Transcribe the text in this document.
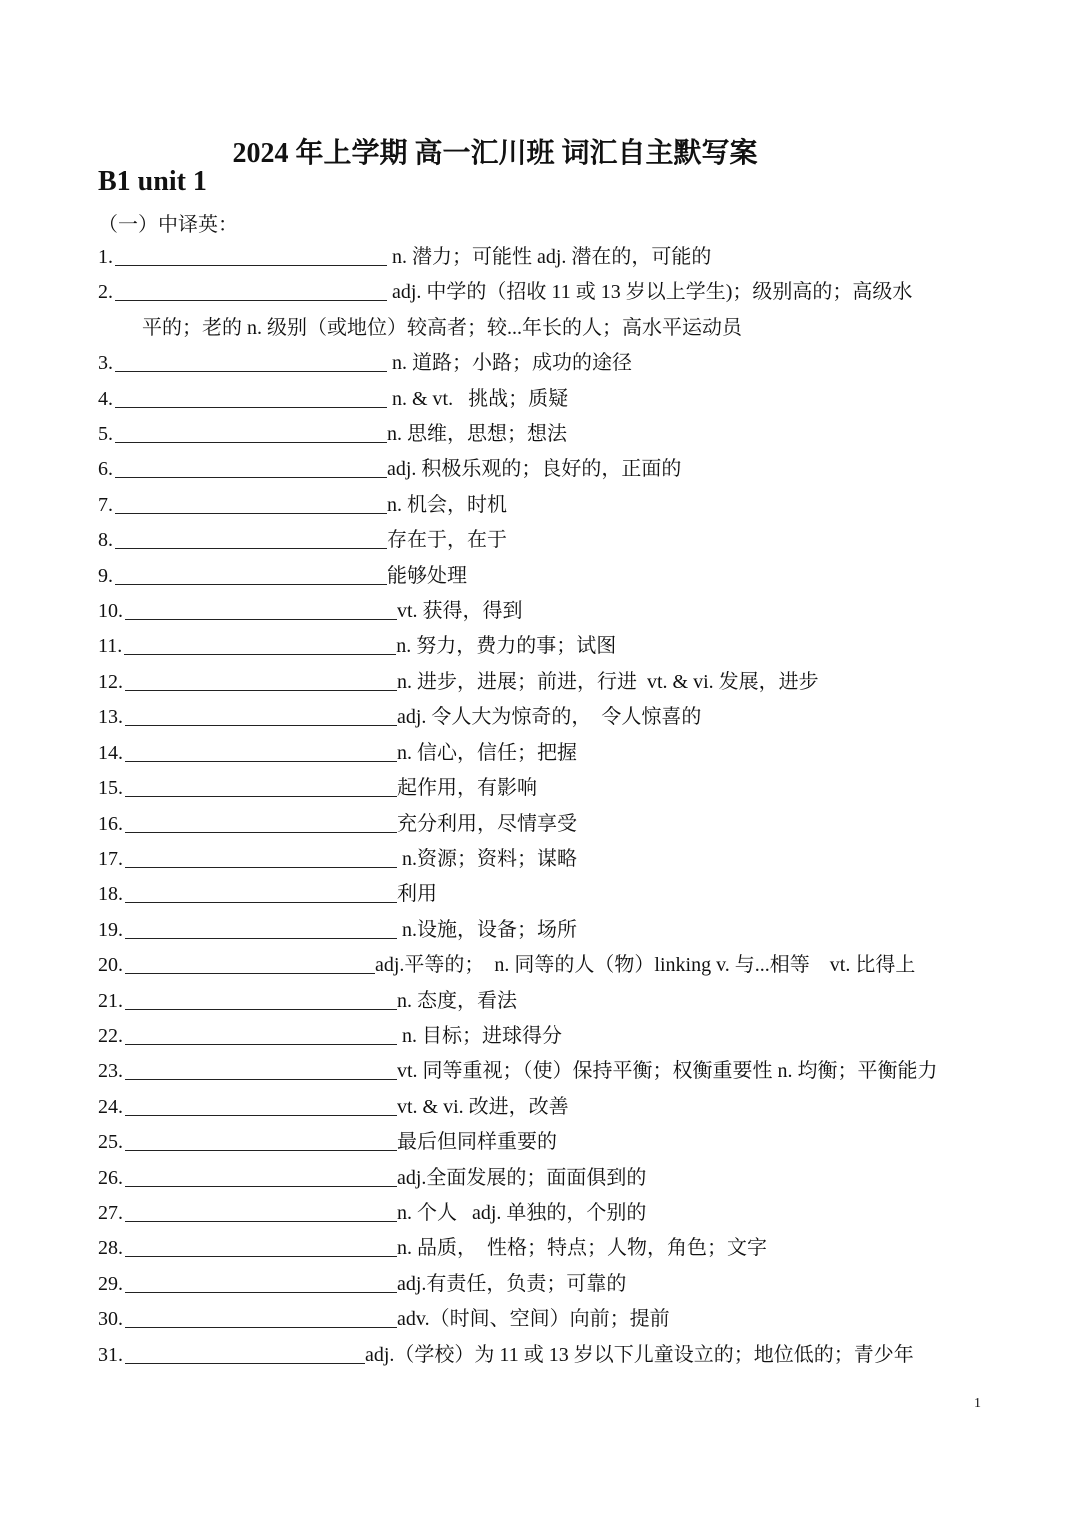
2024 年上学期 高一汇川班 词汇自主默写案
B1 unit 1
（一）中译英：
1.	n. 潜力；可能性 adj. 潜在的，可能的
2.	adj. 中学的（招收 11 或 13 岁以上学生)；级别高的；高级水
平的；老的 n. 级别（或地位）较高者；较...年长的人；高水平运动员
3.	n. 道路；小路；成功的途径
4.	n. & vt.   挑战；质疑
5.	n. 思维，思想；想法
6.	adj. 积极乐观的；良好的，正面的
7.	n. 机会，时机
8.	存在于，在于
9.	能够处理
10.	vt. 获得，得到
11.	n. 努力，费力的事；试图
12.	n. 进步，进展；前进，行进  vt. & vi. 发展，进步
13.	adj. 令人大为惊奇的，  令人惊喜的
14.	n. 信心，信任；把握
15.	起作用，有影响
16.	充分利用，尽情享受
17.	n.资源；资料；谋略
18.	利用
19.	n.设施，设备；场所
20.	adj.平等的；  n. 同等的人（物）linking v. 与...相等    vt. 比得上
21.	n. 态度，看法
22.	n. 目标；进球得分
23.	vt. 同等重视；（使）保持平衡；权衡重要性 n. 均衡；平衡能力
24.	vt. & vi. 改进，改善
25.	最后但同样重要的
26.	adj.全面发展的；面面俱到的
27.	n. 个人   adj. 单独的，个别的
28.	n. 品质，  性格；特点；人物，角色；文字
29.	adj.有责任，负责；可靠的
30.	adv.（时间、空间）向前；提前
31.	adj.（学校）为 11 或 13 岁以下儿童设立的；地位低的；青少年
1
